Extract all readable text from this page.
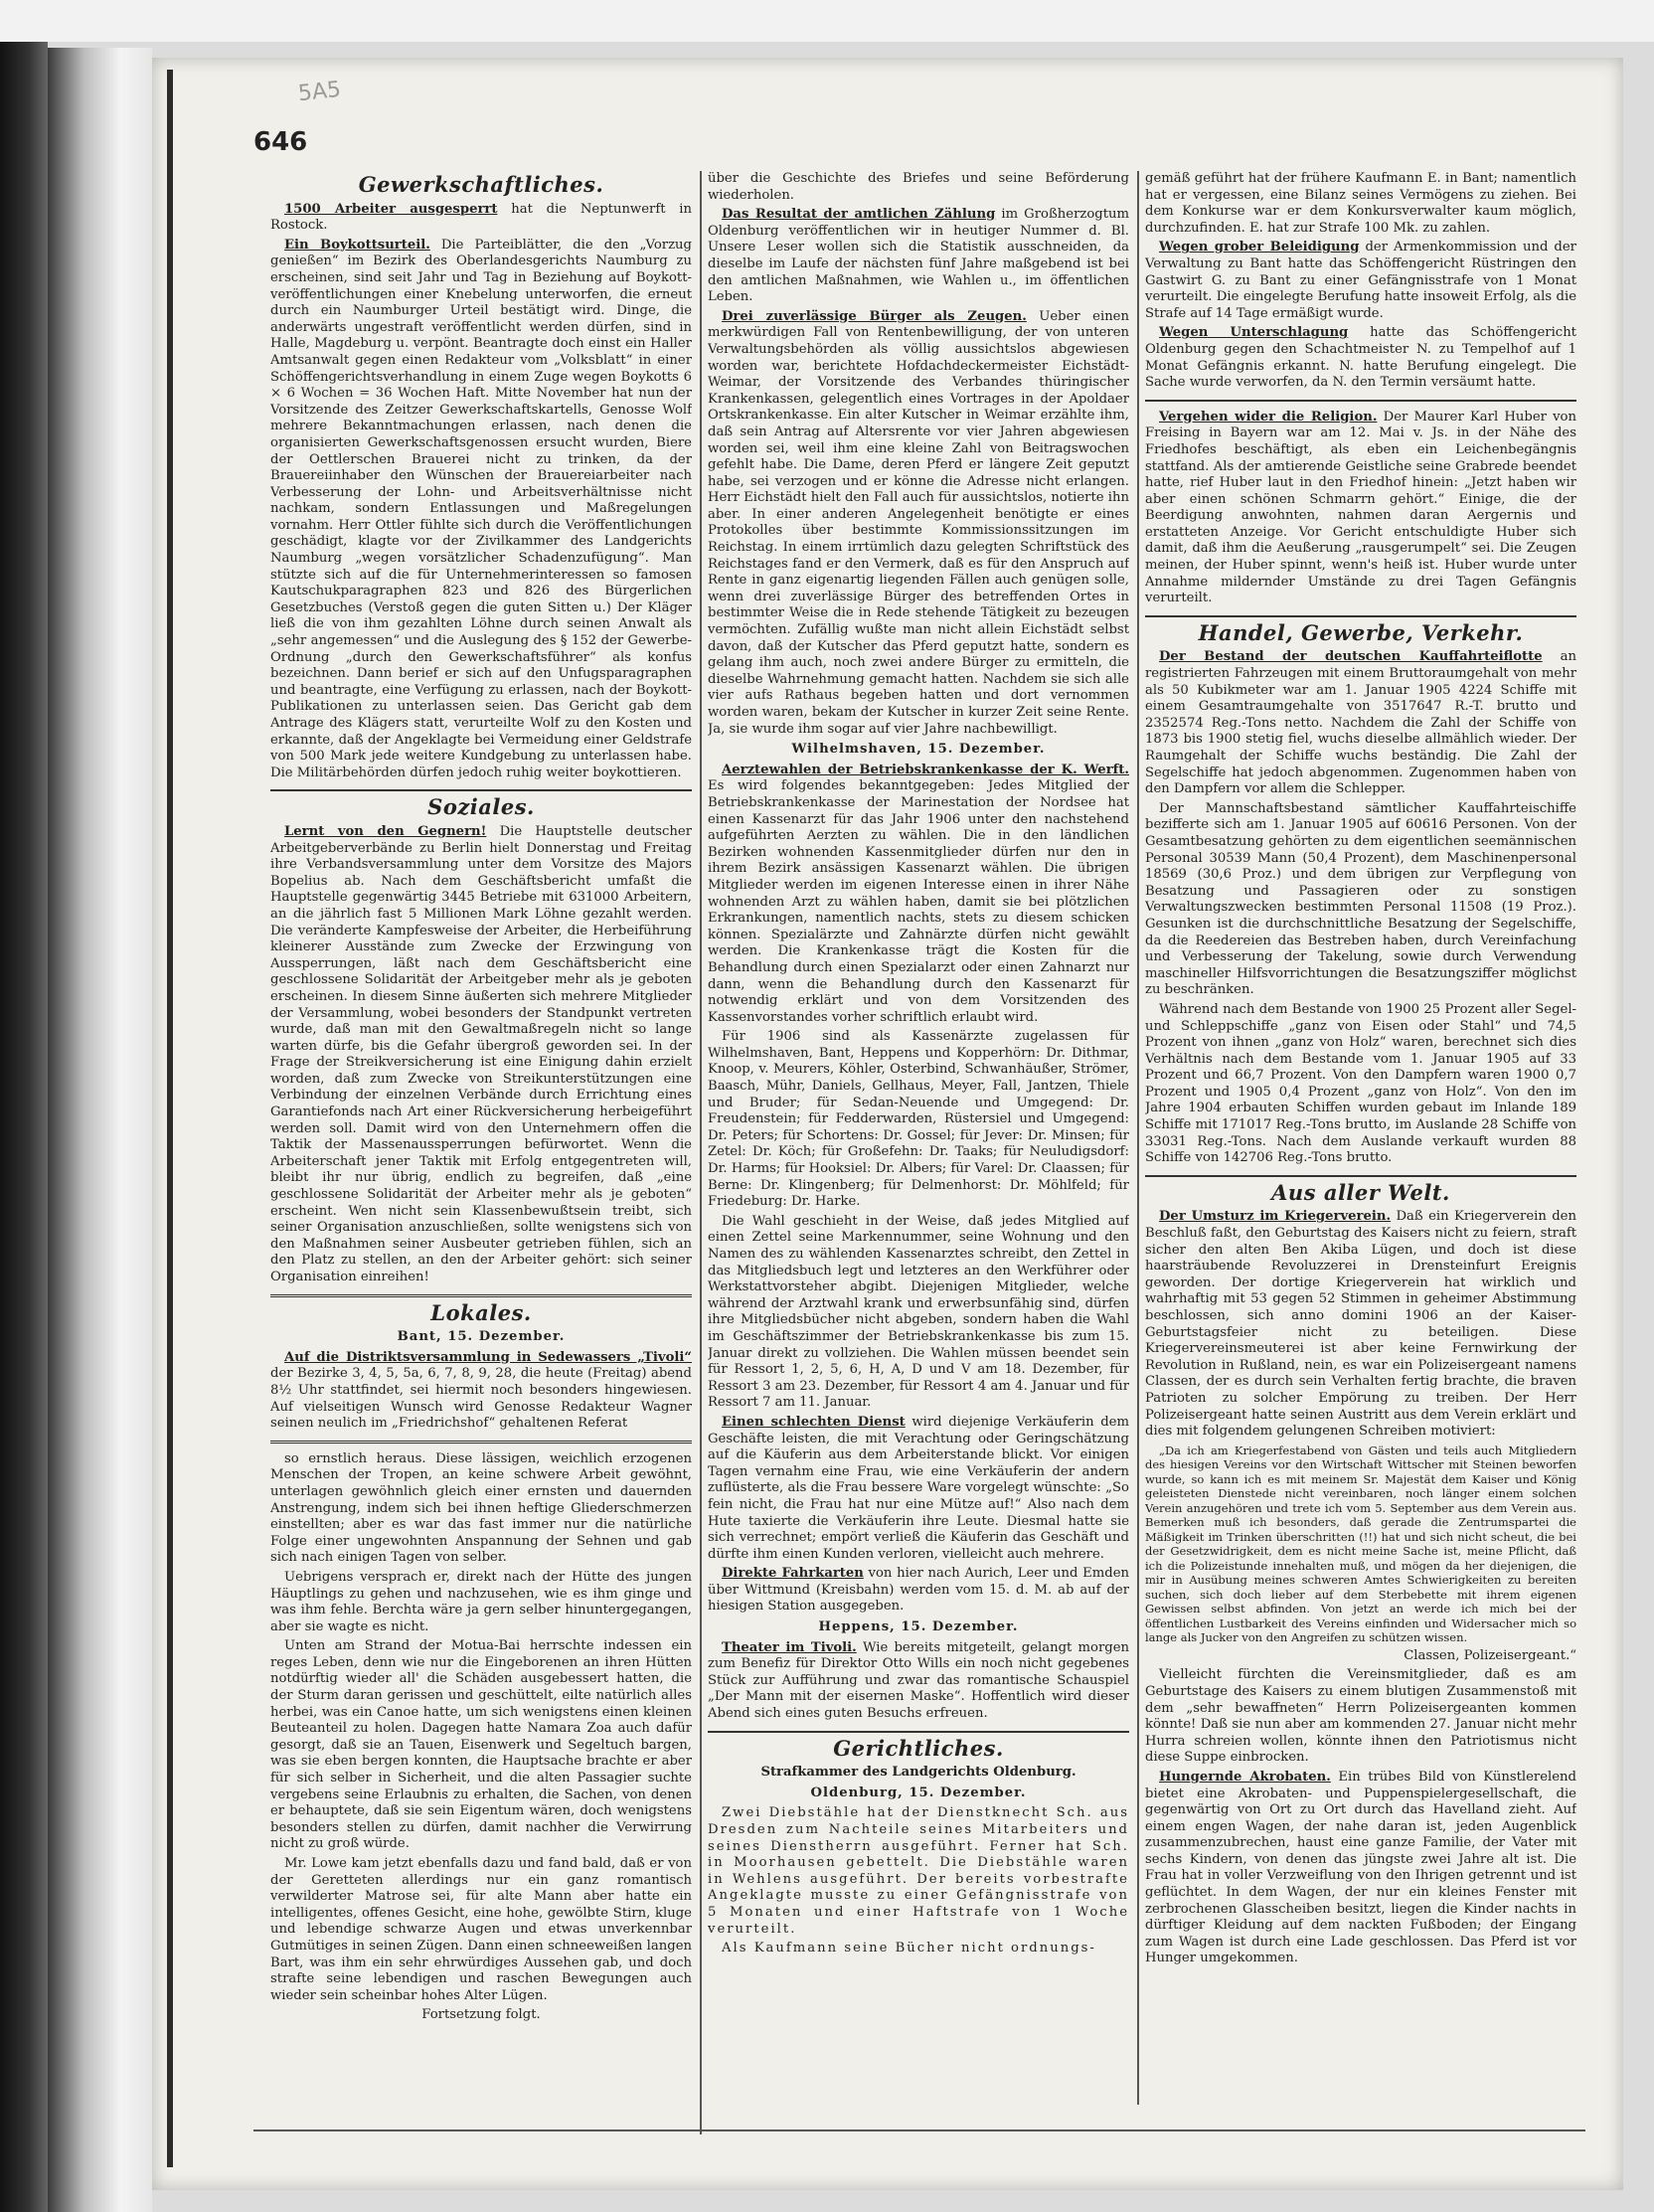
5A5
646
Gewerkschaftliches.

1500 Arbeiter ausgesperrt hat die Neptunwerft in Rostock.

Ein Boykottsurteil. Die Parteiblätter, die den „Vorzug genießen“ im Bezirk des Oberlandesgerichts Naumburg zu erscheinen, sind seit Jahr und Tag in Beziehung auf Boykott-veröffentlichungen einer Knebelung unterworfen, die erneut durch ein Naumburger Urteil bestätigt wird. Dinge, die anderwärts ungestraft veröffentlicht werden dürfen, sind in Halle, Magdeburg u. verpönt. Beantragte doch einst ein Haller Amtsanwalt gegen einen Redakteur vom „Volksblatt“ in einer Schöffengerichtsverhandlung in einem Zuge wegen Boykotts 6 × 6 Wochen = 36 Wochen Haft. Mitte November hat nun der Vorsitzende des Zeitzer Gewerkschaftskartells, Genosse Wolf mehrere Bekanntmachungen erlassen, nach denen die organisierten Gewerkschaftsgenossen ersucht wurden, Biere der Oettlerschen Brauerei nicht zu trinken, da der Brauereiinhaber den Wünschen der Brauereiarbeiter nach Verbesserung der Lohn- und Arbeitsverhältnisse nicht nachkam, sondern Entlassungen und Maßregelungen vornahm. Herr Ottler fühlte sich durch die Veröffentlichungen geschädigt, klagte vor der Zivilkammer des Landgerichts Naumburg „wegen vorsätzlicher Schadenzufügung“. Man stützte sich auf die für Unternehmerinteressen so famosen Kautschukparagraphen 823 und 826 des Bürgerlichen Gesetzbuches (Verstoß gegen die guten Sitten u.) Der Kläger ließ die von ihm gezahlten Löhne durch seinen Anwalt als „sehr angemessen“ und die Auslegung des § 152 der Gewerbe-Ordnung „durch den Gewerkschaftsführer“ als konfus bezeichnen. Dann berief er sich auf den Unfugsparagraphen und beantragte, eine Verfügung zu erlassen, nach der Boykott-Publikationen zu unterlassen seien. Das Gericht gab dem Antrage des Klägers statt, verurteilte Wolf zu den Kosten und erkannte, daß der Angeklagte bei Vermeidung einer Geldstrafe von 500 Mark jede weitere Kundgebung zu unterlassen habe. Die Militärbehörden dürfen jedoch ruhig weiter boykottieren.

Soziales.

Lernt von den Gegnern! Die Hauptstelle deutscher Arbeitgeberverbände zu Berlin hielt Donnerstag und Freitag ihre Verbandsversammlung unter dem Vorsitze des Majors Bopelius ab. Nach dem Geschäftsbericht umfaßt die Hauptstelle gegenwärtig 3445 Betriebe mit 631000 Arbeitern, an die jährlich fast 5 Millionen Mark Löhne gezahlt werden. Die veränderte Kampfesweise der Arbeiter, die Herbeiführung kleinerer Ausstände zum Zwecke der Erzwingung von Aussperrungen, läßt nach dem Geschäftsbericht eine geschlossene Solidarität der Arbeitgeber mehr als je geboten erscheinen. In diesem Sinne äußerten sich mehrere Mitglieder der Versammlung, wobei besonders der Standpunkt vertreten wurde, daß man mit den Gewaltmaßregeln nicht so lange warten dürfe, bis die Gefahr übergroß geworden sei. In der Frage der Streikversicherung ist eine Einigung dahin erzielt worden, daß zum Zwecke von Streikunterstützungen eine Verbindung der einzelnen Verbände durch Errichtung eines Garantiefonds nach Art einer Rückversicherung herbeigeführt werden soll. Damit wird von den Unternehmern offen die Taktik der Massenaussperrungen befürwortet. Wenn die Arbeiterschaft jener Taktik mit Erfolg entgegentreten will, bleibt ihr nur übrig, endlich zu begreifen, daß „eine geschlossene Solidarität der Arbeiter mehr als je geboten“ erscheint. Wen nicht sein Klassenbewußtsein treibt, sich seiner Organisation anzuschließen, sollte wenigstens sich von den Maßnahmen seiner Ausbeuter getrieben fühlen, sich an den Platz zu stellen, an den der Arbeiter gehört: sich seiner Organisation einreihen!

Lokales.

Bant, 15. Dezember.

Auf die Distriktsversammlung in Sedewassers „Tivoli“ der Bezirke 3, 4, 5, 5a, 6, 7, 8, 9, 28, die heute (Freitag) abend 8½ Uhr stattfindet, sei hiermit noch besonders hingewiesen. Auf vielseitigen Wunsch wird Genosse Redakteur Wagner seinen neulich im „Friedrichshof“ gehaltenen Referat

so ernstlich heraus. Diese lässigen, weichlich erzogenen Menschen der Tropen, an keine schwere Arbeit gewöhnt, unterlagen gewöhnlich gleich einer ernsten und dauernden Anstrengung, indem sich bei ihnen heftige Gliederschmerzen einstellten; aber es war das fast immer nur die natürliche Folge einer ungewohnten Anspannung der Sehnen und gab sich nach einigen Tagen von selber.

Uebrigens versprach er, direkt nach der Hütte des jungen Häuptlings zu gehen und nachzusehen, wie es ihm ginge und was ihm fehle. Berchta wäre ja gern selber hinuntergegangen, aber sie wagte es nicht.

Unten am Strand der Motua-Bai herrschte indessen ein reges Leben, denn wie nur die Eingeborenen an ihren Hütten notdürftig wieder all' die Schäden ausgebessert hatten, die der Sturm daran gerissen und geschüttelt, eilte natürlich alles herbei, was ein Canoe hatte, um sich wenigstens einen kleinen Beuteanteil zu holen. Dagegen hatte Namara Zoa auch dafür gesorgt, daß sie an Tauen, Eisenwerk und Segeltuch bargen, was sie eben bergen konnten, die Hauptsache brachte er aber für sich selber in Sicherheit, und die alten Passagier suchte vergebens seine Erlaubnis zu erhalten, die Sachen, von denen er behauptete, daß sie sein Eigentum wären, doch wenigstens besonders stellen zu dürfen, damit nachher die Verwirrung nicht zu groß würde.

Mr. Lowe kam jetzt ebenfalls dazu und fand bald, daß er von der Geretteten allerdings nur ein ganz romantisch verwilderter Matrose sei, für alte Mann aber hatte ein intelligentes, offenes Gesicht, eine hohe, gewölbte Stirn, kluge und lebendige schwarze Augen und etwas unverkennbar Gutmütiges in seinen Zügen. Dann einen schneeweißen langen Bart, was ihm ein sehr ehrwürdiges Aussehen gab, und doch strafte seine lebendigen und raschen Bewegungen auch wieder sein scheinbar hohes Alter Lügen.

Fortsetzung folgt.

über die Geschichte des Briefes und seine Beförderung wiederholen.

Das Resultat der amtlichen Zählung im Großherzogtum Oldenburg veröffentlichen wir in heutiger Nummer d. Bl. Unsere Leser wollen sich die Statistik ausschneiden, da dieselbe im Laufe der nächsten fünf Jahre maßgebend ist bei den amtlichen Maßnahmen, wie Wahlen u., im öffentlichen Leben.

Drei zuverlässige Bürger als Zeugen. Ueber einen merkwürdigen Fall von Rentenbewilligung, der von unteren Verwaltungsbehörden als völlig aussichtslos abgewiesen worden war, berichtete Hofdachdeckermeister Eichstädt-Weimar, der Vorsitzende des Verbandes thüringischer Krankenkassen, gelegentlich eines Vortrages in der Apoldaer Ortskrankenkasse. Ein alter Kutscher in Weimar erzählte ihm, daß sein Antrag auf Altersrente vor vier Jahren abgewiesen worden sei, weil ihm eine kleine Zahl von Beitragswochen gefehlt habe. Die Dame, deren Pferd er längere Zeit geputzt habe, sei verzogen und er könne die Adresse nicht erlangen. Herr Eichstädt hielt den Fall auch für aussichtslos, notierte ihn aber. In einer anderen Angelegenheit benötigte er eines Protokolles über bestimmte Kommissionssitzungen im Reichstag. In einem irrtümlich dazu gelegten Schriftstück des Reichstages fand er den Vermerk, daß es für den Anspruch auf Rente in ganz eigenartig liegenden Fällen auch genügen solle, wenn drei zuverlässige Bürger des betreffenden Ortes in bestimmter Weise die in Rede stehende Tätigkeit zu bezeugen vermöchten. Zufällig wußte man nicht allein Eichstädt selbst davon, daß der Kutscher das Pferd geputzt hatte, sondern es gelang ihm auch, noch zwei andere Bürger zu ermitteln, die dieselbe Wahrnehmung gemacht hatten. Nachdem sie sich alle vier aufs Rathaus begeben hatten und dort vernommen worden waren, bekam der Kutscher in kurzer Zeit seine Rente. Ja, sie wurde ihm sogar auf vier Jahre nachbewilligt.

Wilhelmshaven, 15. Dezember.

Aerztewahlen der Betriebskrankenkasse der K. Werft. Es wird folgendes bekanntgegeben: Jedes Mitglied der Betriebskrankenkasse der Marinestation der Nordsee hat einen Kassenarzt für das Jahr 1906 unter den nachstehend aufgeführten Aerzten zu wählen. Die in den ländlichen Bezirken wohnenden Kassenmitglieder dürfen nur den in ihrem Bezirk ansässigen Kassenarzt wählen. Die übrigen Mitglieder werden im eigenen Interesse einen in ihrer Nähe wohnenden Arzt zu wählen haben, damit sie bei plötzlichen Erkrankungen, namentlich nachts, stets zu diesem schicken können. Spezialärzte und Zahnärzte dürfen nicht gewählt werden. Die Krankenkasse trägt die Kosten für die Behandlung durch einen Spezialarzt oder einen Zahnarzt nur dann, wenn die Behandlung durch den Kassenarzt für notwendig erklärt und von dem Vorsitzenden des Kassenvorstandes vorher schriftlich erlaubt wird.

Für 1906 sind als Kassenärzte zugelassen für Wilhelmshaven, Bant, Heppens und Kopperhörn: Dr. Dithmar, Knoop, v. Meurers, Köhler, Osterbind, Schwanhäußer, Strömer, Baasch, Mühr, Daniels, Gellhaus, Meyer, Fall, Jantzen, Thiele und Bruder; für Sedan-Neuende und Umgegend: Dr. Freudenstein; für Fedderwarden, Rüstersiel und Umgegend: Dr. Peters; für Schortens: Dr. Gossel; für Jever: Dr. Minsen; für Zetel: Dr. Köch; für Großefehn: Dr. Taaks; für Neuludigsdorf: Dr. Harms; für Hooksiel: Dr. Albers; für Varel: Dr. Claassen; für Berne: Dr. Klingenberg; für Delmenhorst: Dr. Möhlfeld; für Friedeburg: Dr. Harke.

Die Wahl geschieht in der Weise, daß jedes Mitglied auf einen Zettel seine Markennummer, seine Wohnung und den Namen des zu wählenden Kassenarztes schreibt, den Zettel in das Mitgliedsbuch legt und letzteres an den Werkführer oder Werkstattvorsteher abgibt. Diejenigen Mitglieder, welche während der Arztwahl krank und erwerbsunfähig sind, dürfen ihre Mitgliedsbücher nicht abgeben, sondern haben die Wahl im Geschäftszimmer der Betriebskrankenkasse bis zum 15. Januar direkt zu vollziehen. Die Wahlen müssen beendet sein für Ressort 1, 2, 5, 6, H, A, D und V am 18. Dezember, für Ressort 3 am 23. Dezember, für Ressort 4 am 4. Januar und für Ressort 7 am 11. Januar.

Einen schlechten Dienst wird diejenige Verkäuferin dem Geschäfte leisten, die mit Verachtung oder Geringschätzung auf die Käuferin aus dem Arbeiterstande blickt. Vor einigen Tagen vernahm eine Frau, wie eine Verkäuferin der andern zuflüsterte, als die Frau bessere Ware vorgelegt wünschte: „So fein nicht, die Frau hat nur eine Mütze auf!“ Also nach dem Hute taxierte die Verkäuferin ihre Leute. Diesmal hatte sie sich verrechnet; empört verließ die Käuferin das Geschäft und dürfte ihm einen Kunden verloren, vielleicht auch mehrere.

Direkte Fahrkarten von hier nach Aurich, Leer und Emden über Wittmund (Kreisbahn) werden vom 15. d. M. ab auf der hiesigen Station ausgegeben.

Heppens, 15. Dezember.

Theater im Tivoli. Wie bereits mitgeteilt, gelangt morgen zum Benefiz für Direktor Otto Wills ein noch nicht gegebenes Stück zur Aufführung und zwar das romantische Schauspiel „Der Mann mit der eisernen Maske“. Hoffentlich wird dieser Abend sich eines guten Besuchs erfreuen.

Gerichtliches.

Strafkammer des Landgerichts Oldenburg.

Oldenburg, 15. Dezember.

Zwei Diebstähle hat der Dienstknecht Sch. aus Dresden zum Nachteile seines Mitarbeiters und seines Dienstherrn ausgeführt. Ferner hat Sch. in Moorhausen gebettelt. Die Diebstähle waren in Wehlens ausgeführt. Der bereits vorbestrafte Angeklagte musste zu einer Gefängnisstrafe von 5 Monaten und einer Haftstrafe von 1 Woche verurteilt.

Als Kaufmann seine Bücher nicht ordnungs-

gemäß geführt hat der frühere Kaufmann E. in Bant; namentlich hat er vergessen, eine Bilanz seines Vermögens zu ziehen. Bei dem Konkurse war er dem Konkursverwalter kaum möglich, durchzufinden. E. hat zur Strafe 100 Mk. zu zahlen.

Wegen grober Beleidigung der Armenkommission und der Verwaltung zu Bant hatte das Schöffengericht Rüstringen den Gastwirt G. zu Bant zu einer Gefängnisstrafe von 1 Monat verurteilt. Die eingelegte Berufung hatte insoweit Erfolg, als die Strafe auf 14 Tage ermäßigt wurde.

Wegen Unterschlagung hatte das Schöffengericht Oldenburg gegen den Schachtmeister N. zu Tempelhof auf 1 Monat Gefängnis erkannt. N. hatte Berufung eingelegt. Die Sache wurde verworfen, da N. den Termin versäumt hatte.

Vergehen wider die Religion. Der Maurer Karl Huber von Freising in Bayern war am 12. Mai v. Js. in der Nähe des Friedhofes beschäftigt, als eben ein Leichenbegängnis stattfand. Als der amtierende Geistliche seine Grabrede beendet hatte, rief Huber laut in den Friedhof hinein: „Jetzt haben wir aber einen schönen Schmarrn gehört.“ Einige, die der Beerdigung anwohnten, nahmen daran Aergernis und erstatteten Anzeige. Vor Gericht entschuldigte Huber sich damit, daß ihm die Aeußerung „rausgerumpelt“ sei. Die Zeugen meinen, der Huber spinnt, wenn's heiß ist. Huber wurde unter Annahme mildernder Umstände zu drei Tagen Gefängnis verurteilt.

Handel, Gewerbe, Verkehr.

Der Bestand der deutschen Kauffahrteiflotte an registrierten Fahrzeugen mit einem Bruttoraumgehalt von mehr als 50 Kubikmeter war am 1. Januar 1905 4224 Schiffe mit einem Gesamtraumgehalte von 3517647 R.-T. brutto und 2352574 Reg.-Tons netto. Nachdem die Zahl der Schiffe von 1873 bis 1900 stetig fiel, wuchs dieselbe allmählich wieder. Der Raumgehalt der Schiffe wuchs beständig. Die Zahl der Segelschiffe hat jedoch abgenommen. Zugenommen haben von den Dampfern vor allem die Schlepper.

Der Mannschaftsbestand sämtlicher Kauffahrteischiffe bezifferte sich am 1. Januar 1905 auf 60616 Personen. Von der Gesamtbesatzung gehörten zu dem eigentlichen seemännischen Personal 30539 Mann (50,4 Prozent), dem Maschinenpersonal 18569 (30,6 Proz.) und dem übrigen zur Verpflegung von Besatzung und Passagieren oder zu sonstigen Verwaltungszwecken bestimmten Personal 11508 (19 Proz.). Gesunken ist die durchschnittliche Besatzung der Segelschiffe, da die Reedereien das Bestreben haben, durch Vereinfachung und Verbesserung der Takelung, sowie durch Verwendung maschineller Hilfsvorrichtungen die Besatzungsziffer möglichst zu beschränken.

Während nach dem Bestande von 1900 25 Prozent aller Segel- und Schleppschiffe „ganz von Eisen oder Stahl“ und 74,5 Prozent von ihnen „ganz von Holz“ waren, berechnet sich dies Verhältnis nach dem Bestande vom 1. Januar 1905 auf 33 Prozent und 66,7 Prozent. Von den Dampfern waren 1900 0,7 Prozent und 1905 0,4 Prozent „ganz von Holz“. Von den im Jahre 1904 erbauten Schiffen wurden gebaut im Inlande 189 Schiffe mit 171017 Reg.-Tons brutto, im Auslande 28 Schiffe von 33031 Reg.-Tons. Nach dem Auslande verkauft wurden 88 Schiffe von 142706 Reg.-Tons brutto.

Aus aller Welt.

Der Umsturz im Kriegerverein. Daß ein Kriegerverein den Beschluß faßt, den Geburtstag des Kaisers nicht zu feiern, straft sicher den alten Ben Akiba Lügen, und doch ist diese haarsträubende Revoluzzerei in Drensteinfurt Ereignis geworden. Der dortige Kriegerverein hat wirklich und wahrhaftig mit 53 gegen 52 Stimmen in geheimer Abstimmung beschlossen, sich anno domini 1906 an der Kaiser-Geburtstagsfeier nicht zu beteiligen. Diese Kriegervereinsmeuterei ist aber keine Fernwirkung der Revolution in Rußland, nein, es war ein Polizeisergeant namens Classen, der es durch sein Verhalten fertig brachte, die braven Patrioten zu solcher Empörung zu treiben. Der Herr Polizeisergeant hatte seinen Austritt aus dem Verein erklärt und dies mit folgendem gelungenen Schreiben motiviert:

„Da ich am Kriegerfestabend von Gästen und teils auch Mitgliedern des hiesigen Vereins vor den Wirtschaft Wittscher mit Steinen beworfen wurde, so kann ich es mit meinem Sr. Majestät dem Kaiser und König geleisteten Dienstede nicht vereinbaren, noch länger einem solchen Verein anzugehören und trete ich vom 5. September aus dem Verein aus. Bemerken muß ich besonders, daß gerade die Zentrumspartei die Mäßigkeit im Trinken überschritten (!!) hat und sich nicht scheut, die bei der Gesetzwidrigkeit, dem es nicht meine Sache ist, meine Pflicht, daß ich die Polizeistunde innehalten muß, und mögen da her diejenigen, die mir in Ausübung meines schweren Amtes Schwierigkeiten zu bereiten suchen, sich doch lieber auf dem Sterbebette mit ihrem eigenen Gewissen selbst abfinden. Von jetzt an werde ich mich bei der öffentlichen Lustbarkeit des Vereins einfinden und Widersacher mich so lange als Jucker von den Angreifen zu schützen wissen.

Classen, Polizeisergeant.“

Vielleicht fürchten die Vereinsmitglieder, daß es am Geburtstage des Kaisers zu einem blutigen Zusammenstoß mit dem „sehr bewaffneten“ Herrn Polizeisergeanten kommen könnte! Daß sie nun aber am kommenden 27. Januar nicht mehr Hurra schreien wollen, könnte ihnen den Patriotismus nicht diese Suppe einbrocken.

Hungernde Akrobaten. Ein trübes Bild von Künstlerelend bietet eine Akrobaten- und Puppenspielergesellschaft, die gegenwärtig von Ort zu Ort durch das Havelland zieht. Auf einem engen Wagen, der nahe daran ist, jeden Augenblick zusammenzubrechen, haust eine ganze Familie, der Vater mit sechs Kindern, von denen das jüngste zwei Jahre alt ist. Die Frau hat in voller Verzweiflung von den Ihrigen getrennt und ist geflüchtet. In dem Wagen, der nur ein kleines Fenster mit zerbrochenen Glasscheiben besitzt, liegen die Kinder nachts in dürftiger Kleidung auf dem nackten Fußboden; der Eingang zum Wagen ist durch eine Lade geschlossen. Das Pferd ist vor Hunger umgekommen.
